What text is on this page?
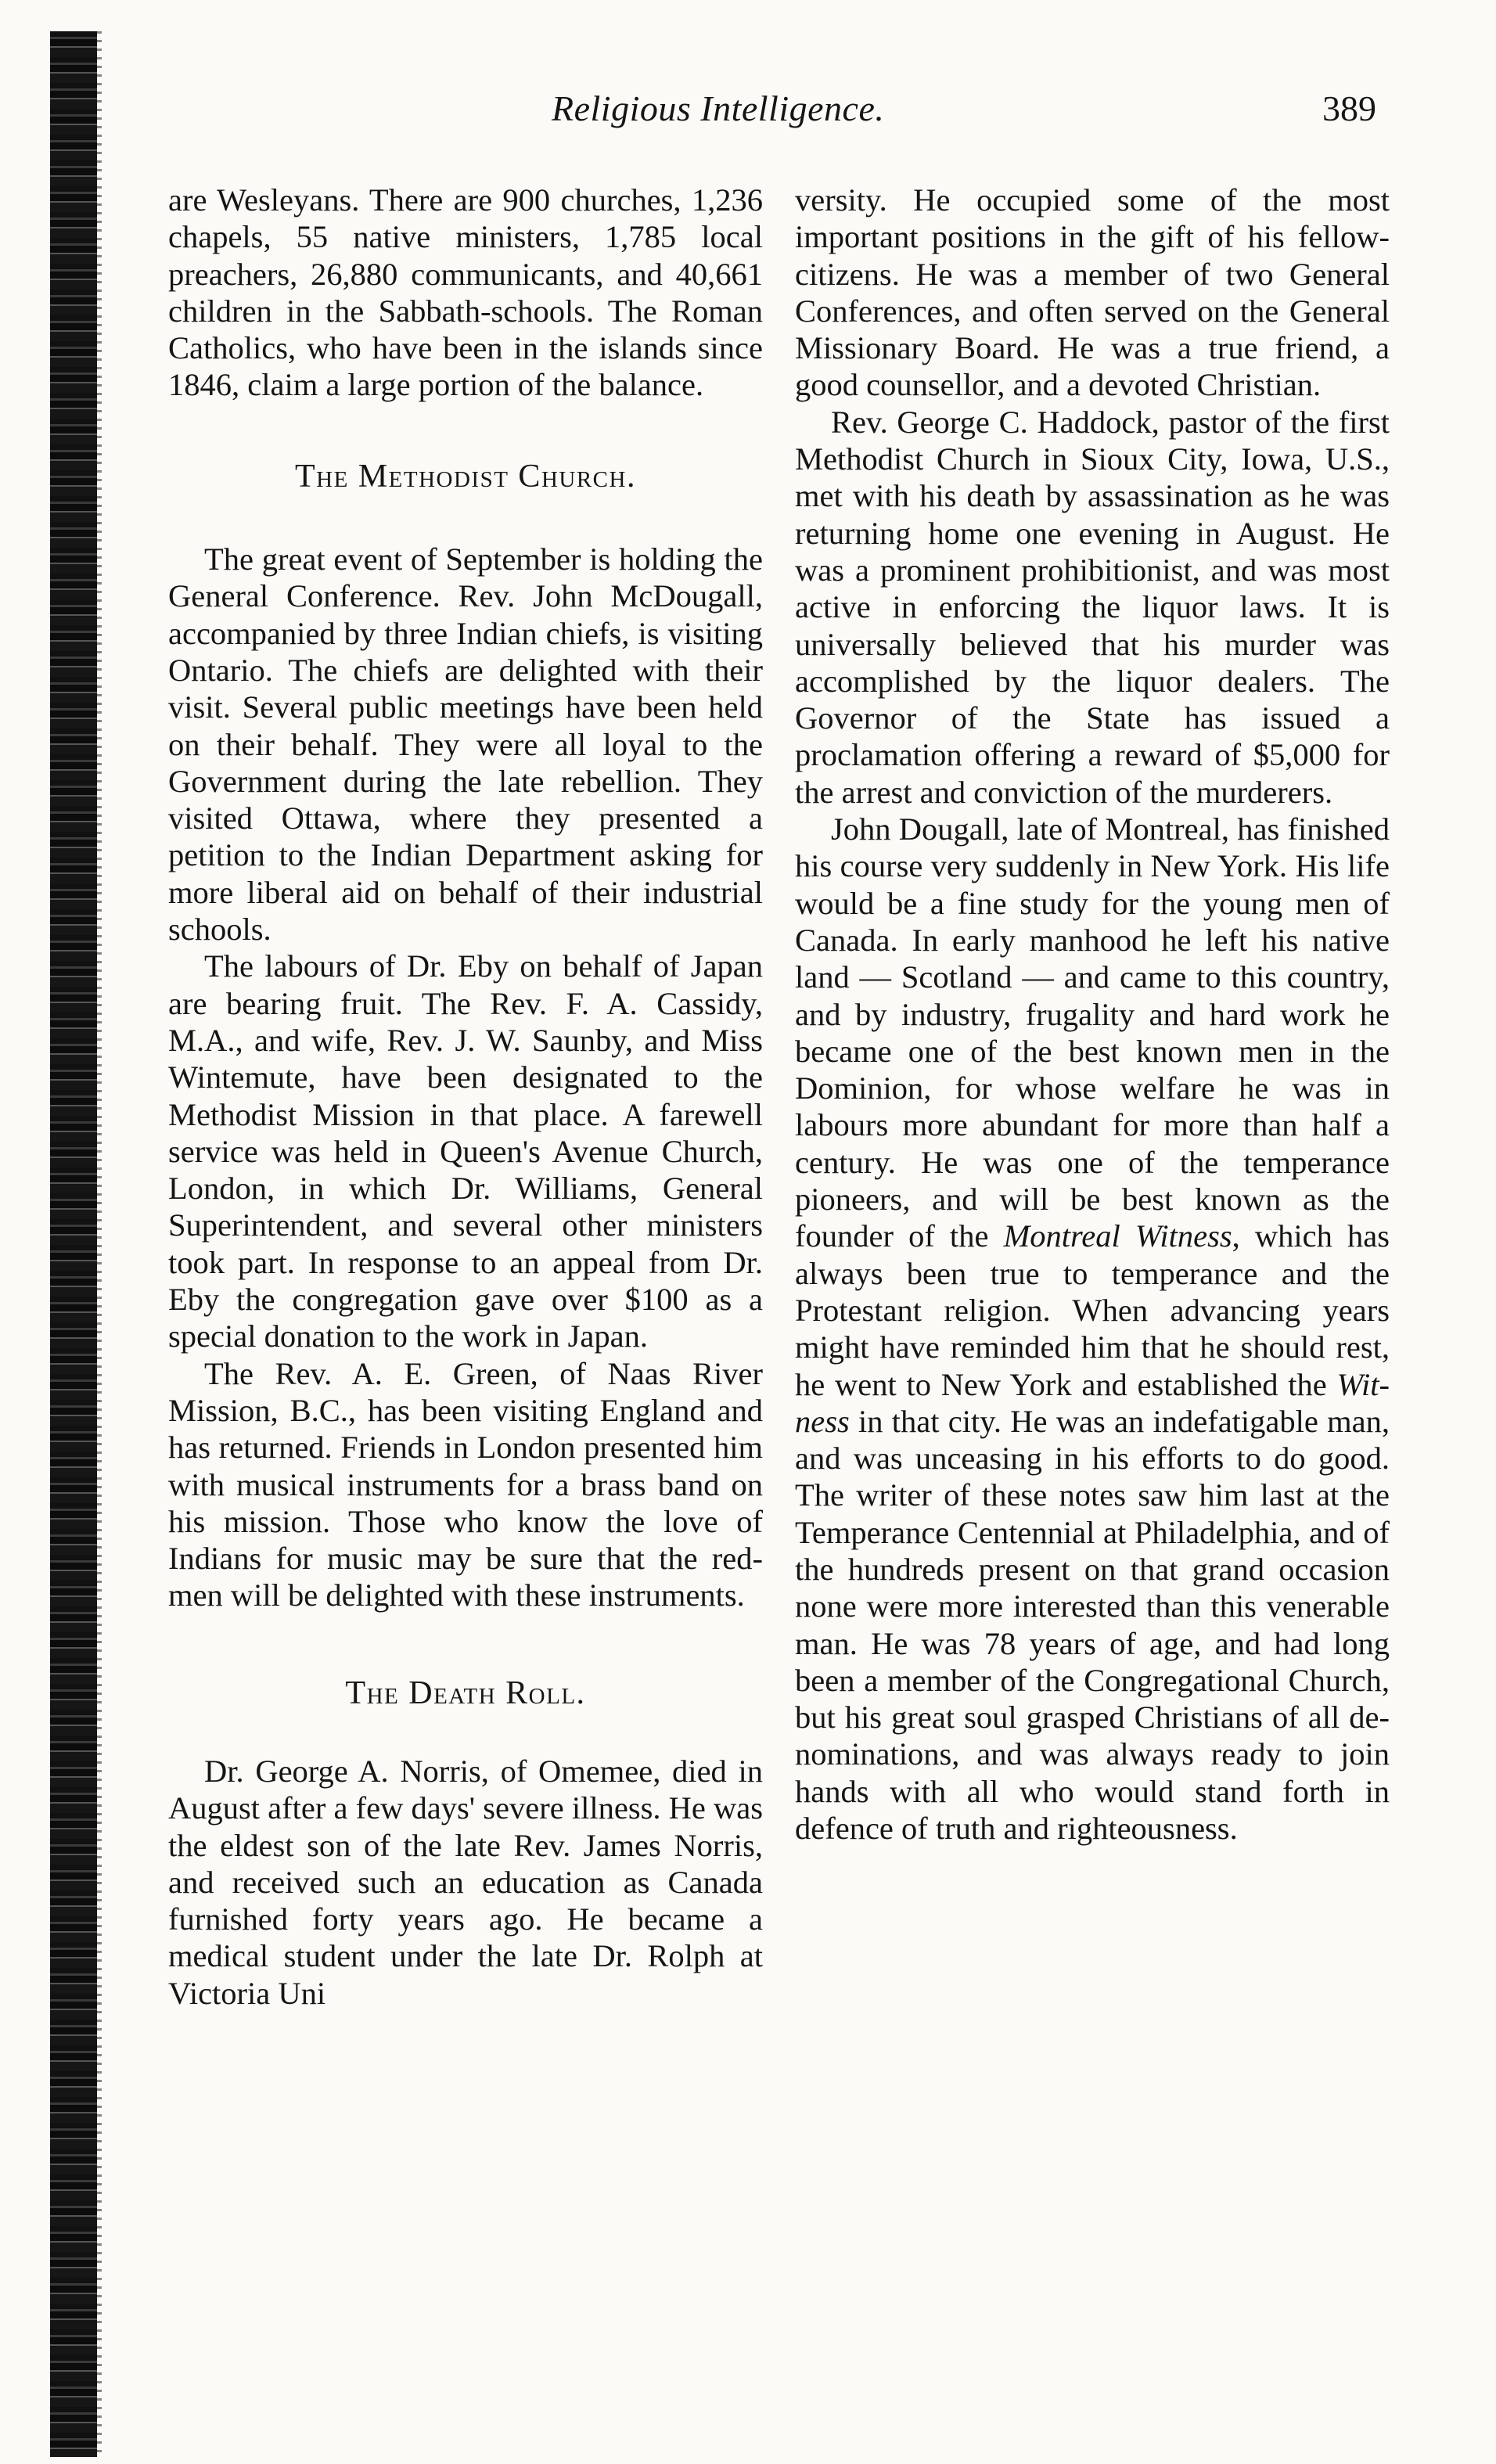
Religious Intelligence.	389

are Wesleyans. There are 900 churches, 1,236 chapels, 55 native ministers, 1,785 local preachers, 26,880 communicants, and 40,661 children in the Sabbath-schools. The Roman Catholics, who have been in the islands since 1846, claim a large portion of the balance.

The Methodist Church.

The great event of September is holding the General Conference. Rev. John McDougall, accompanied by three Indian chiefs, is visiting Ontario. The chiefs are delighted with their visit. Several public meetings have been held on their behalf. They were all loyal to the Government during the late rebellion. They visited Ottawa, where they presented a petition to the Indian Department asking for more liberal aid on behalf of their industrial schools.

The labours of Dr. Eby on behalf of Japan are bearing fruit. The Rev. F. A. Cassidy, M.A., and wife, Rev. J. W. Saunby, and Miss Wintemute, have been designated to the Methodist Mission in that place. A farewell service was held in Queen's Avenue Church, London, in which Dr. Williams, General Superintendent, and several other ministers took part. In response to an appeal from Dr. Eby the congregation gave over $100 as a special donation to the work in Japan.

The Rev. A. E. Green, of Naas River Mission, B.C., has been visiting England and has returned. Friends in London presented him with musical instruments for a brass band on his mission. Those who know the love of Indians for music may be sure that the red-men will be delighted with these instruments.

The Death Roll.

Dr. George A. Norris, of Omemee, died in August after a few days' severe illness. He was the eldest son of the late Rev. James Norris, and received such an education as Canada furnished forty years ago. He became a medical student under the late Dr. Rolph at Victoria Uni

versity. He occupied some of the most important positions in the gift of his fellow-citizens. He was a member of two General Conferences, and often served on the General Missionary Board. He was a true friend, a good counsellor, and a devoted Christian.

Rev. George C. Haddock, pastor of the first Methodist Church in Sioux City, Iowa, U.S., met with his death by assassination as he was returning home one evening in August. He was a prominent prohibitionist, and was most active in enforcing the liquor laws. It is universally believed that his murder was accomplished by the liquor dealers. The Governor of the State has issued a proclamation offering a reward of $5,000 for the arrest and conviction of the murderers.

John Dougall, late of Montreal, has finished his course very suddenly in New York. His life would be a fine study for the young men of Canada. In early manhood he left his native land — Scotland — and came to this country, and by industry, frugality and hard work he became one of the best known men in the Dominion, for whose welfare he was in labours more abundant for more than half a century. He was one of the temperance pioneers, and will be best known as the founder of the Montreal Witness, which has always been true to temperance and the Protestant religion. When advancing years might have reminded him that he should rest, he went to New York and established the Witness in that city. He was an indefatigable man, and was unceasing in his efforts to do good. The writer of these notes saw him last at the Temperance Centennial at Philadelphia, and of the hundreds present on that grand occasion none were more interested than this venerable man. He was 78 years of age, and had long been a member of the Congregational Church, but his great soul grasped Christians of all denominations, and was always ready to join hands with all who would stand forth in defence of truth and righteousness.
